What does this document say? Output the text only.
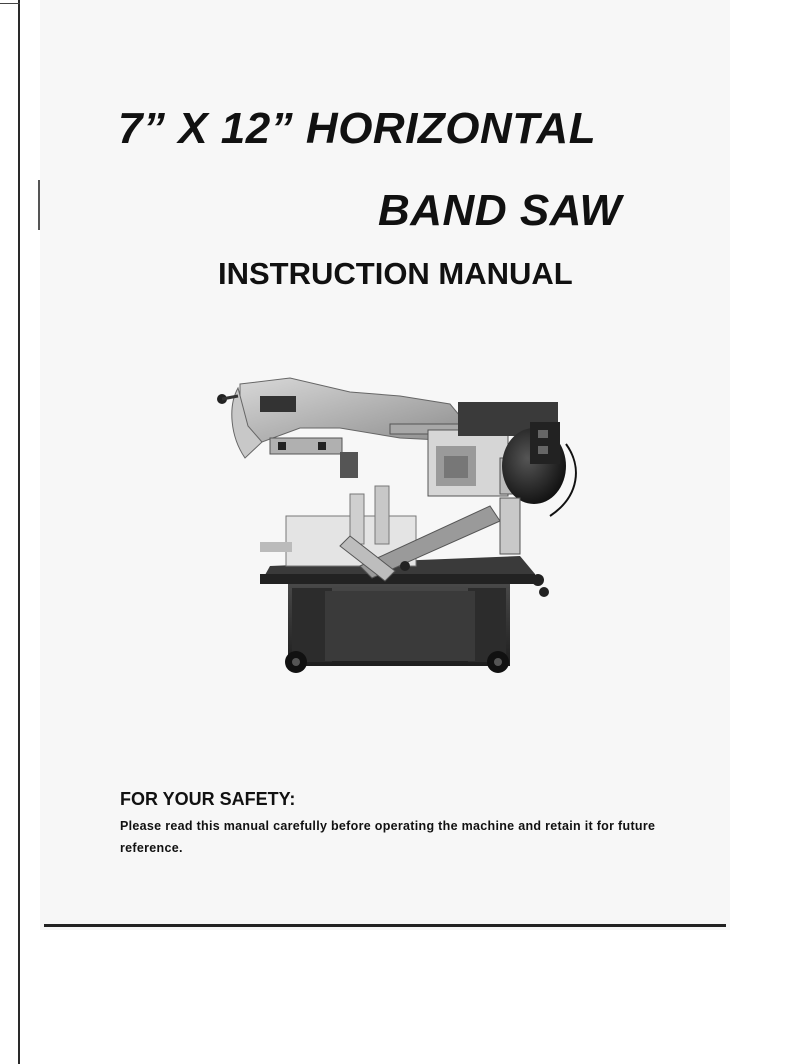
7” X 12” HORIZONTAL
BAND SAW
INSTRUCTION MANUAL
FOR YOUR SAFETY:
Please read this manual carefully before operating the machine and retain it for future reference.
